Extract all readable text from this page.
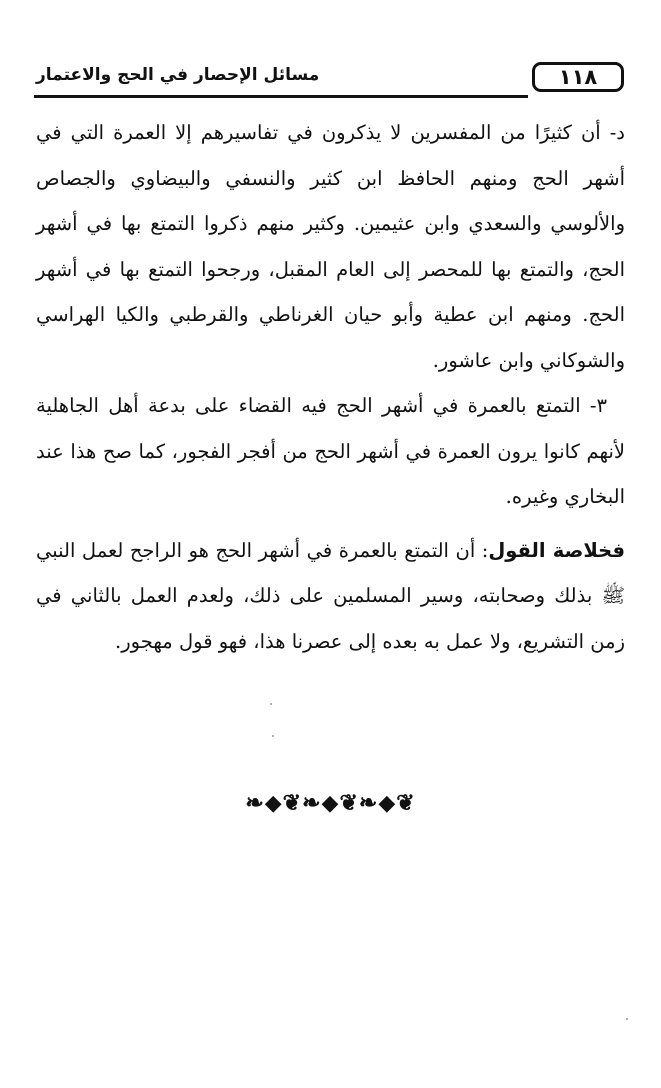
١١٨
مسائل الإحصار في الحج والاعتمار

د- أن كثيرًا من المفسرين لا يذكرون في تفاسيرهم إلا العمرة التي في أشهر الحج ومنهم الحافظ ابن كثير والنسفي والبيضاوي والجصاص والألوسي والسعدي وابن عثيمين. وكثير منهم ذكروا التمتع بها في أشهر الحج، والتمتع بها للمحصر إلى العام المقبل، ورجحوا التمتع بها في أشهر الحج. ومنهم ابن عطية وأبو حيان الغرناطي والقرطبي والكيا الهراسي والشوكاني وابن عاشور.

٣- التمتع بالعمرة في أشهر الحج فيه القضاء على بدعة أهل الجاهلية لأنهم كانوا يرون العمرة في أشهر الحج من أفجر الفجور، كما صح هذا عند البخاري وغيره.

فخلاصة القول: أن التمتع بالعمرة في أشهر الحج هو الراجح لعمل النبي ﷺ بذلك وصحابته، وسير المسلمين على ذلك، ولعدم العمل بالثاني في زمن التشريع، ولا عمل به بعده إلى عصرنا هذا، فهو قول مهجور.

❧◆❦❧◆❦❧◆❦
